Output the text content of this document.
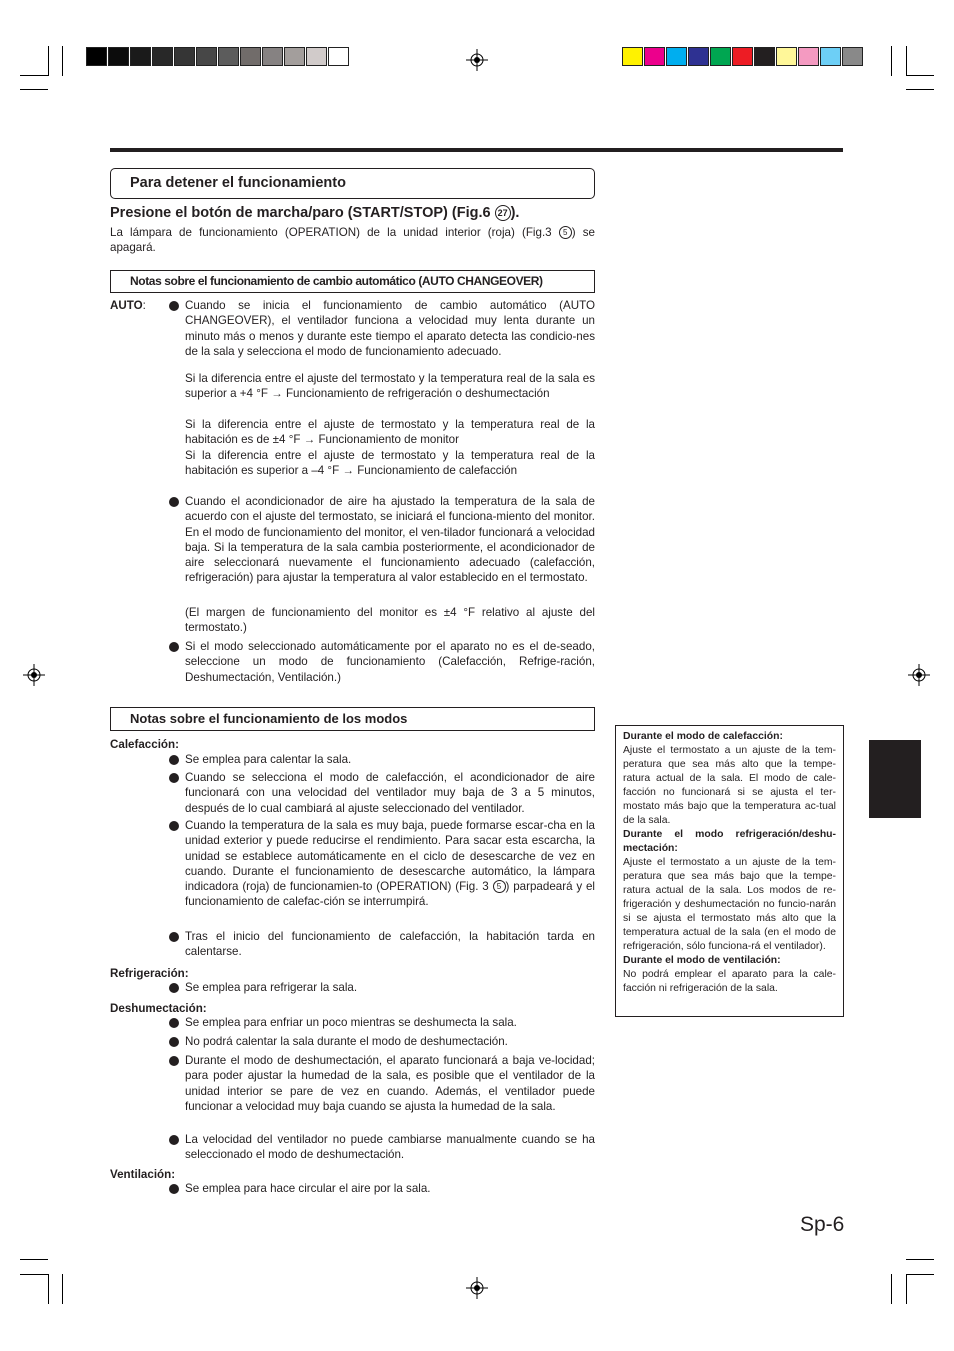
Para detener el funcionamiento
Presione el botón de marcha/paro (START/STOP) (Fig.6 27 ).
La lámpara de funcionamiento (OPERATION) de la unidad interior (roja) (Fig.3 5 ) se apagará.
Notas sobre el funcionamiento de cambio automático (AUTO CHANGEOVER)
AUTO:	Cuando se inicia el funcionamiento de cambio automático (AUTO CHANGEOVER), el ventilador funciona a velocidad muy lenta durante un minuto más o menos y durante este tiempo el aparato detecta las condicio-nes de la sala y selecciona el modo de funcionamiento adecuado.
Si la diferencia entre el ajuste del termostato y la temperatura real de la sala es superior a +4 °F → Funcionamiento de refrigeración o deshumectación
Si la diferencia entre el ajuste de termostato y la temperatura real de la habitación es de ±4 °F → Funcionamiento de monitor
Si la diferencia entre el ajuste de termostato y la temperatura real de la habitación es superior a –4 °F → Funcionamiento de calefacción
Cuando el acondicionador de aire ha ajustado la temperatura de la sala de acuerdo con el ajuste del termostato, se iniciará el funciona-miento del monitor. En el modo de funcionamiento del monitor, el ven-tilador funcionará a velocidad baja. Si la temperatura de la sala cambia posteriormente, el acondicionador de aire seleccionará nuevamente el funcionamiento adecuado (calefacción, refrigeración) para ajustar la temperatura al valor establecido en el termostato.
(El margen de funcionamiento del monitor es ±4 °F relativo al ajuste del termostato.)
Si el modo seleccionado automáticamente por el aparato no es el de-seado, seleccione un modo de funcionamiento (Calefacción, Refrige-ración, Deshumectación, Ventilación.)
Notas sobre el funcionamiento de los modos
Calefacción:
Se emplea para calentar la sala.
Cuando se selecciona el modo de calefacción, el acondicionador de aire funcionará con una velocidad del ventilador muy baja de 3 a 5 minutos, después de lo cual cambiará al ajuste seleccionado del ventilador.
Cuando la temperatura de la sala es muy baja, puede formarse escar-cha en la unidad exterior y puede reducirse el rendimiento. Para sacar esta escarcha, la unidad se establece automáticamente en el ciclo de desescarche de vez en cuando. Durante el funcionamiento de desescarche automático, la lámpara indicadora (roja) de funcionamien-to (OPERATION) (Fig. 3 5 ) parpadeará y el funcionamiento de calefac-ción se interrumpirá.
Tras el inicio del funcionamiento de calefacción, la habitación tarda en calentarse.
Refrigeración:
Se emplea para refrigerar la sala.
Deshumectación:
Se emplea para enfriar un poco mientras se deshumecta la sala.
No podrá calentar la sala durante el modo de deshumectación.
Durante el modo de deshumectación, el aparato funcionará a baja ve-locidad; para poder ajustar la humedad de la sala, es posible que el ventilador de la unidad interior se pare de vez en cuando. Además, el ventilador puede funcionar a velocidad muy baja cuando se ajusta la humedad de la sala.
La velocidad del ventilador no puede cambiarse manualmente cuando se ha seleccionado el modo de deshumectación.
Ventilación:
Se emplea para hace circular el aire por la sala.

Durante el modo de calefacción:

Ajuste el termostato a un ajuste de la tem-peratura que sea más alto que la tempe-ratura actual de la sala. El modo de cale-facción no funcionará si se ajusta el ter-mostato más bajo que la temperatura ac-tual de la sala.

Durante el modo refrigeración/deshu-mectación:

Ajuste el termostato a un ajuste de la tem-peratura que sea más bajo que la tempe-ratura actual de la sala. Los modos de re-frigeración y deshumectación no funcio-narán si se ajusta el termostato más alto que la temperatura actual de la sala (en el modo de refrigeración, sólo funciona-rá el ventilador).

Durante el modo de ventilación:

No podrá emplear el aparato para la cale-facción ni refrigeración de la sala.

Sp-6
